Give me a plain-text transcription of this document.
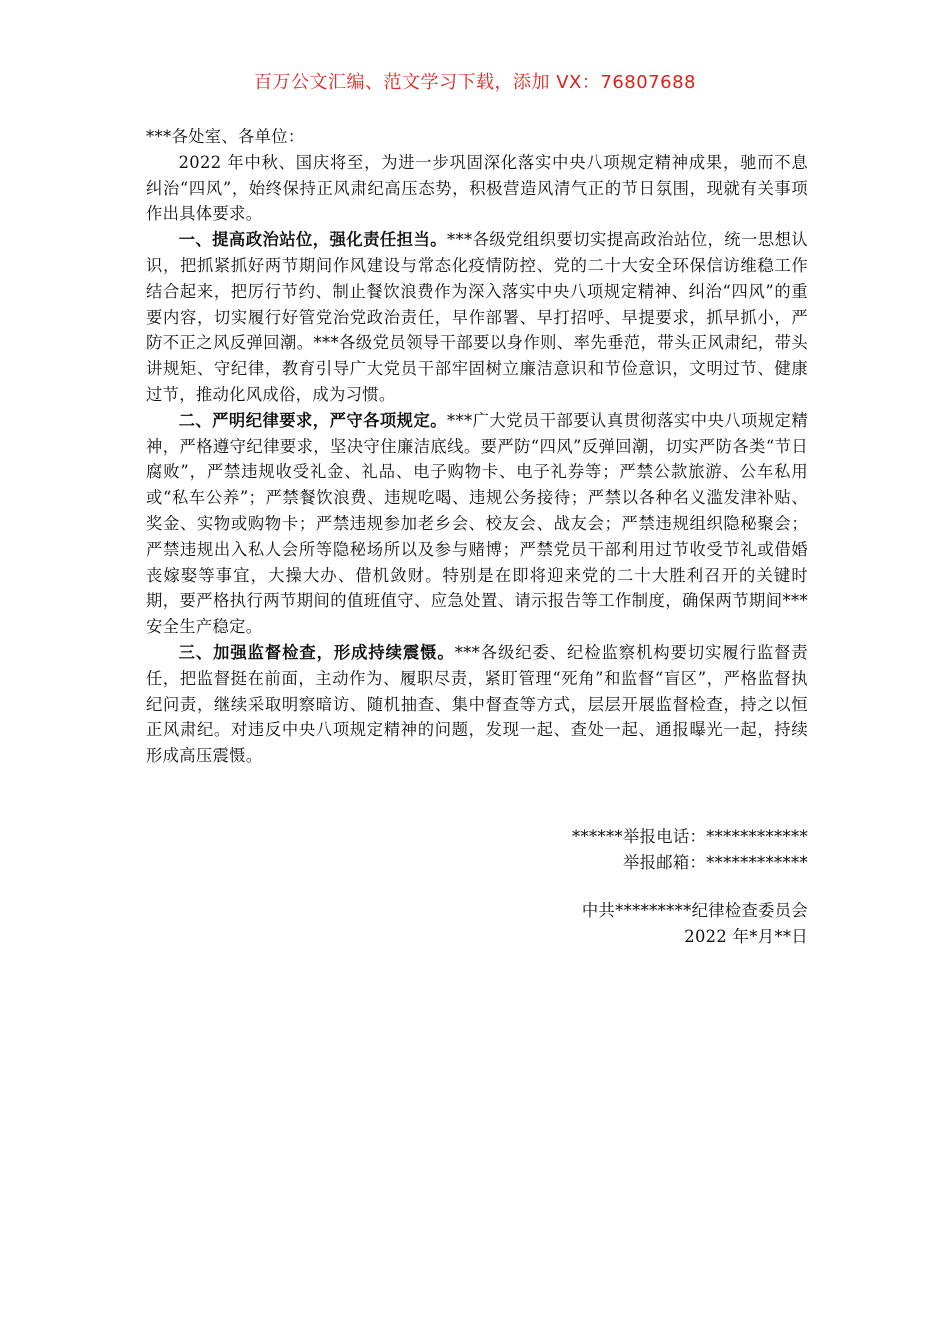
百万公文汇编、范文学习下载，添加 VX：76807688

***各处室、各单位：

2022 年中秋、国庆将至，为进一步巩固深化落实中央八项规定精神成果，驰而不息纠治“四风”，始终保持正风肃纪高压态势，积极营造风清气正的节日氛围，现就有关事项作出具体要求。

一、提高政治站位，强化责任担当。***各级党组织要切实提高政治站位，统一思想认识，把抓紧抓好两节期间作风建设与常态化疫情防控、党的二十大安全环保信访维稳工作结合起来，把厉行节约、制止餐饮浪费作为深入落实中央八项规定精神、纠治“四风”的重要内容，切实履行好管党治党政治责任，早作部署、早打招呼、早提要求，抓早抓小，严防不正之风反弹回潮。***各级党员领导干部要以身作则、率先垂范，带头正风肃纪，带头讲规矩、守纪律，教育引导广大党员干部牢固树立廉洁意识和节俭意识，文明过节、健康过节，推动化风成俗，成为习惯。

二、严明纪律要求，严守各项规定。***广大党员干部要认真贯彻落实中央八项规定精神，严格遵守纪律要求，坚决守住廉洁底线。要严防“四风”反弹回潮，切实严防各类“节日腐败”，严禁违规收受礼金、礼品、电子购物卡、电子礼券等；严禁公款旅游、公车私用或“私车公养”；严禁餐饮浪费、违规吃喝、违规公务接待；严禁以各种名义滥发津补贴、奖金、实物或购物卡；严禁违规参加老乡会、校友会、战友会；严禁违规组织隐秘聚会；严禁违规出入私人会所等隐秘场所以及参与赌博；严禁党员干部利用过节收受节礼或借婚丧嫁娶等事宜，大操大办、借机敛财。特别是在即将迎来党的二十大胜利召开的关键时期，要严格执行两节期间的值班值守、应急处置、请示报告等工作制度，确保两节期间***安全生产稳定。

三、加强监督检查，形成持续震慑。***各级纪委、纪检监察机构要切实履行监督责任，把监督挺在前面，主动作为、履职尽责，紧盯管理“死角”和监督“盲区”，严格监督执纪问责，继续采取明察暗访、随机抽查、集中督查等方式，层层开展监督检查，持之以恒正风肃纪。对违反中央八项规定精神的问题，发现一起、查处一起、通报曝光一起，持续形成高压震慑。

******举报电话：************
举报邮箱：************
中共*********纪律检查委员会
2022 年*月**日
